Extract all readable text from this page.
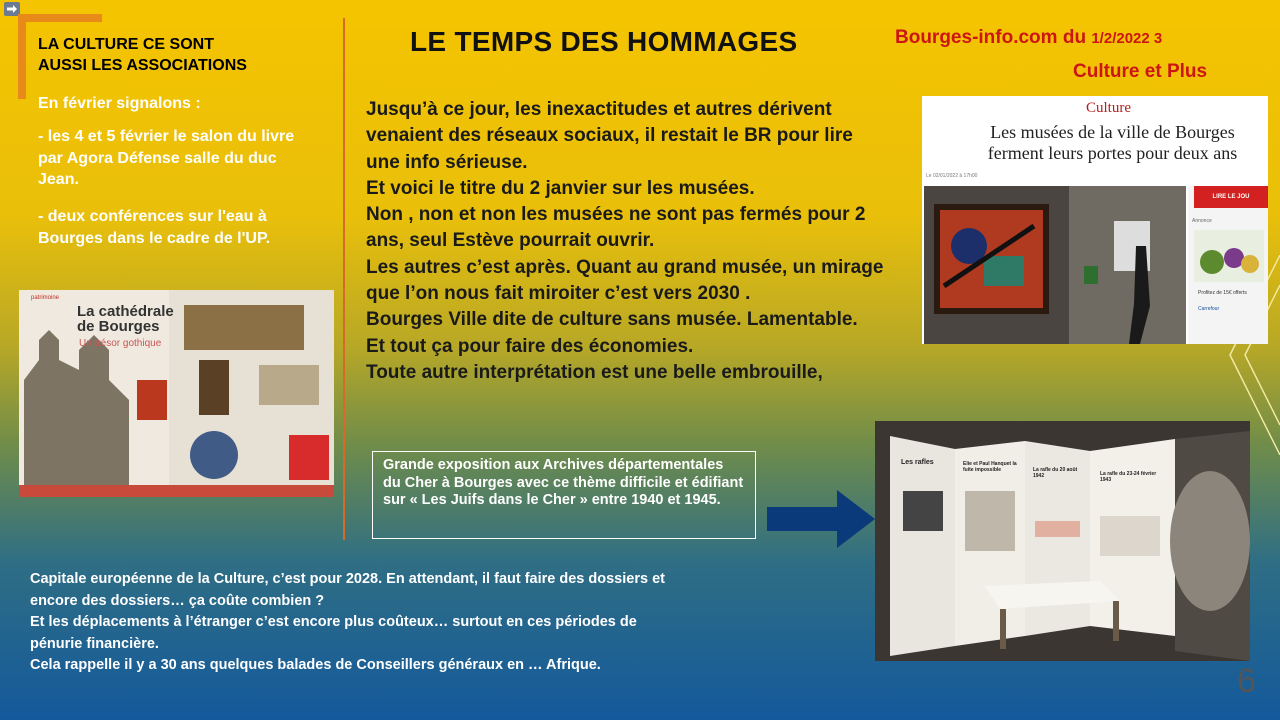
LA CULTURE CE SONT
AUSSI LES ASSOCIATIONS
En février signalons :
- les 4 et 5 février le salon du livre par Agora Défense salle du duc Jean.
- deux conférences sur l'eau à Bourges dans le cadre de l'UP.
patrimoine
La cathédrale
de Bourges
Un trésor gothique
LE TEMPS DES HOMMAGES	Bourges-info.com du 1/2/2022 3
Culture et Plus
Jusqu’à ce jour, les inexactitudes et autres dérivent
venaient des réseaux sociaux, il restait le BR pour lire
une info sérieuse.
Et voici le titre du 2 janvier sur les musées.
Non , non et non les musées ne sont pas fermés pour 2
ans, seul Estève pourrait ouvrir.
Les autres c’est après. Quant au grand musée, un mirage
que l’on nous fait miroiter c’est vers 2030 .
Bourges Ville dite de culture sans musée. Lamentable.
Et tout ça pour faire des économies.
Toute autre interprétation est une belle embrouille,
Culture
Les musées de la ville de Bourges
ferment leurs portes pour deux ans
Le 02/01/2022 à 17h00
LIRE LE JOU
Annonce
Profitez de 15€ offerts
Carrefour
Grande exposition aux Archives départementales du Cher à Bourges avec ce thème difficile et édifiant sur « Les Juifs dans le Cher » entre 1940 et 1945.
Les rafles	Elie et Paul Hanquet la fuite impossible	La rafle du 20 août 1942	La rafle du 23-24 février 1943
Capitale européenne de la Culture, c’est pour 2028. En attendant, il faut faire des dossiers et
encore des dossiers… ça coûte combien ?
Et les déplacements à l’étranger c’est encore plus coûteux… surtout en ces périodes de
pénurie financière.
Cela rappelle il y a 30 ans quelques balades de Conseillers généraux en … Afrique.	6
